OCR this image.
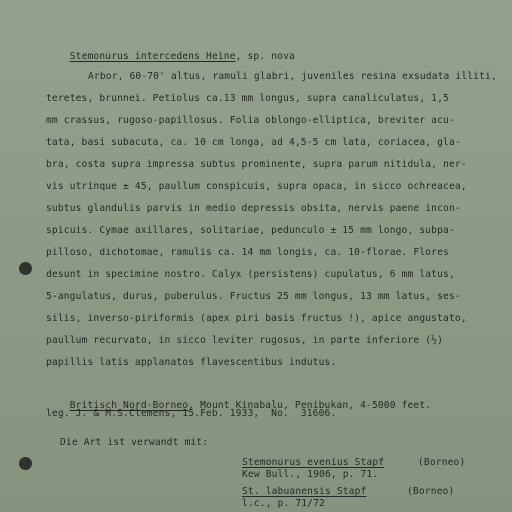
Stemonurus intercedens Heine, sp. nova

Arbor, 60-70' altus, ramuli glabri, juveniles resina exsudata illiti,
teretes, brunnei. Petiolus ca.13 mm longus, supra canaliculatus, 1,5
mm crassus, rugoso-papillosus. Folia oblongo-elliptica, breviter acu-
tata, basi subacuta, ca. 10 cm longa, ad 4,5-5 cm lata, coriacea, gla-
bra, costa supra impressa subtus prominente, supra parum nitidula, ner-
vis utrinque ± 45, paullum conspicuis, supra opaca, in sicco ochreacea,
subtus glandulis parvis in medio depressis obsita, nervis paene incon-
spicuis. Cymae axillares, solitariae, pedunculo ± 15 mm longo, subpa-
pilloso, dichotomae, ramulis ca. 14 mm longis, ca. 10-florae. Flores
desunt in specimine nostro. Calyx (persistens) cupulatus, 6 mm latus,
5-angulatus, durus, puberulus. Fructus 25 mm longus, 13 mm latus, ses-
silis, inverso-piriformis (apex piri basis fructus !), apice angustato,
paullum recurvato, in sicco leviter rugosus, in parte inferiore (½)
papillis latis applanatos flavescentibus indutus.

Britisch Nord-Borneo, Mount Kinabalu, Penibukan, 4-5000 feet.

leg. J. & M.S.Clemens, 15.Feb. 1933,  No.  31606.
Die Art ist verwandt mit:
Stemonurus evenius Stapf	(Borneo)
Kew Bull., 1906, p. 71.
St. labuanensis Stapf	(Borneo)
l.c., p. 71/72
